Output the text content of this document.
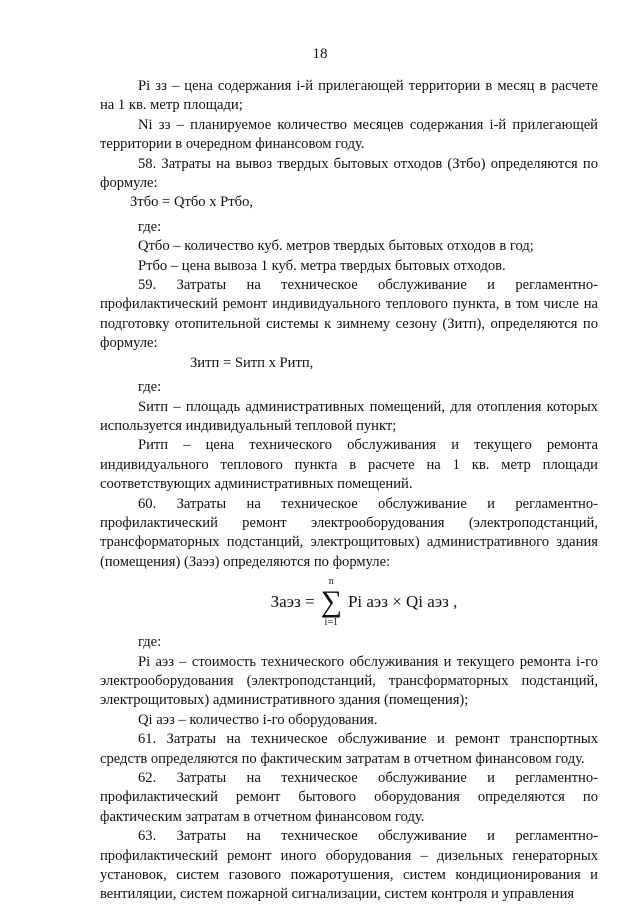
18

Pi зз – цена содержания i-й прилегающей территории в месяц в расчете на 1 кв. метр площади;

Ni зз – планируемое количество месяцев содержания i-й прилегающей территории в очередном финансовом году.

58. Затраты на вывоз твердых бытовых отходов (Зтбо) определяются по формуле:

Зтбо = Qтбо x Pтбо,

где:

Qтбо – количество куб. метров твердых бытовых отходов в год;

Pтбо – цена вывоза 1 куб. метра твердых бытовых отходов.

59. Затраты на техническое обслуживание и регламентно-профилактический ремонт индивидуального теплового пункта, в том числе на подготовку отопительной системы к зимнему сезону (Зитп), определяются по формуле:

Зитп = Sитп x Pитп,

где:

Sитп – площадь административных помещений, для отопления которых используется индивидуальный тепловой пункт;

Pитп – цена технического обслуживания и текущего ремонта индивидуального теплового пункта в расчете на 1 кв. метр площади соответствующих административных помещений.

60. Затраты на техническое обслуживание и регламентно-профилактический ремонт электрооборудования (электроподстанций, трансформаторных подстанций, электрощитовых) административного здания (помещения) (Заэз) определяются по формуле:

Заэз =
n
∑
i=1
Pi аэз × Qi аэз ,

где:

Pi аэз – стоимость технического обслуживания и текущего ремонта i-го электрооборудования (электроподстанций, трансформаторных подстанций, электрощитовых) административного здания (помещения);

Qi аэз – количество i-го оборудования.

61. Затраты на техническое обслуживание и ремонт транспортных средств определяются по фактическим затратам в отчетном финансовом году.

62. Затраты на техническое обслуживание и регламентно-профилактический ремонт бытового оборудования определяются по фактическим затратам в отчетном финансовом году.

63. Затраты на техническое обслуживание и регламентно-профилактический ремонт иного оборудования – дизельных генераторных установок, систем газового пожаротушения, систем кондиционирования и вентиляции, систем пожарной сигнализации, систем контроля и управления
